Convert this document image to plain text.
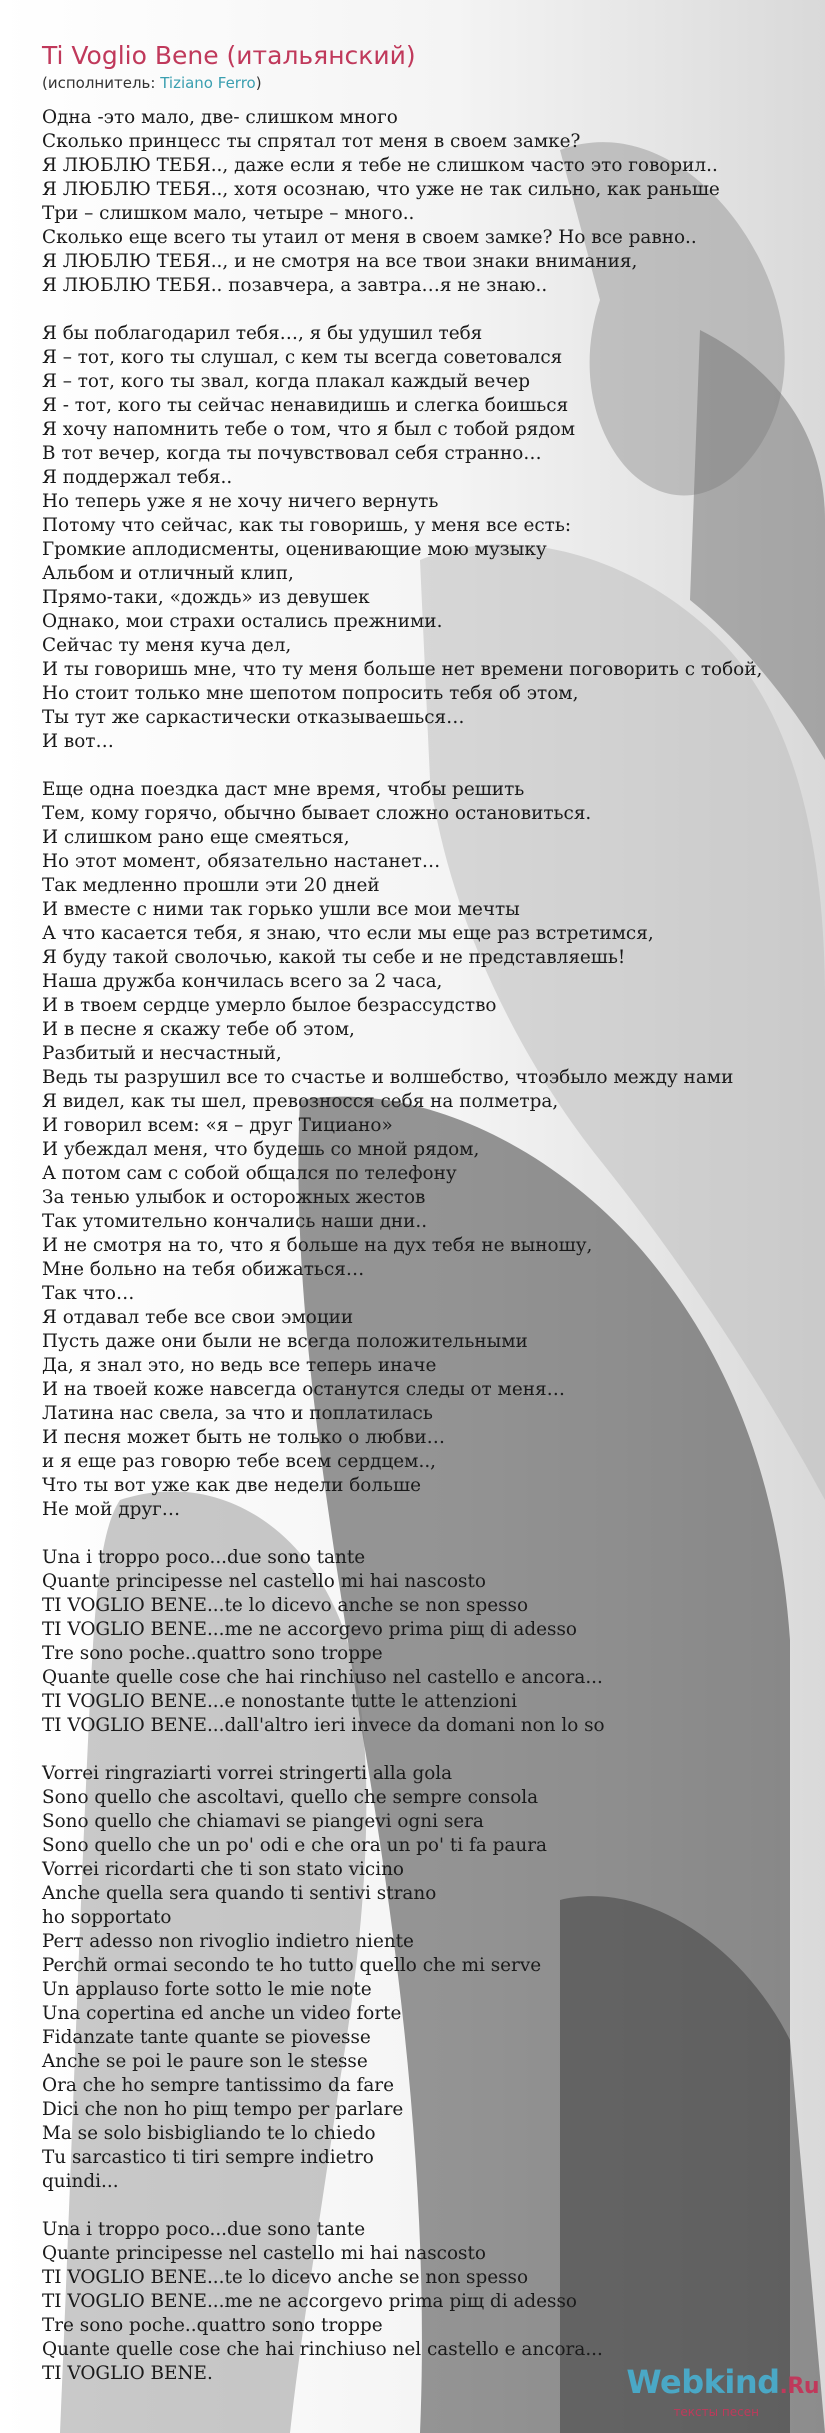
Ti Voglio Bene (итальянский)
(исполнитель: Tiziano Ferro)
Одна -это мало, две- слишком много
Сколько принцесс ты спрятал тот меня в своем замке?
Я ЛЮБЛЮ ТЕБЯ.., даже если я тебе не слишком часто это говорил..
Я ЛЮБЛЮ ТЕБЯ.., хотя осознаю, что уже не так сильно, как раньше
Три – слишком мало, четыре – много..
Сколько еще всего ты утаил от меня в своем замке? Но все равно..
Я ЛЮБЛЮ ТЕБЯ.., и не смотря на все твои знаки внимания,
Я ЛЮБЛЮ ТЕБЯ.. позавчера, а завтра…я не знаю..
Я бы поблагодарил тебя…, я бы удушил тебя
Я – тот, кого ты слушал, с кем ты всегда советовался
Я – тот, кого ты звал, когда плакал каждый вечер
Я - тот, кого ты сейчас ненавидишь и слегка боишься
Я хочу напомнить тебе о том, что я был с тобой рядом
В тот вечер, когда ты почувствовал себя странно…
Я поддержал тебя..
Но теперь уже я не хочу ничего вернуть
Потому что сейчас, как ты говоришь, у меня все есть:
Громкие аплодисменты, оценивающие мою музыку
Альбом и отличный клип,
Прямо-таки, «дождь» из девушек
Однако, мои страхи остались прежними.
Сейчас ту меня куча дел,
И ты говоришь мне, что ту меня больше нет времени поговорить с тобой,
Но стоит только мне шепотом попросить тебя об этом,
Ты тут же саркастически отказываешься…
И вот…
Еще одна поездка даст мне время, чтобы решить
Тем, кому горячо, обычно бывает сложно остановиться.
И слишком рано еще смеяться,
Но этот момент, обязательно настанет…
Так медленно прошли эти 20 дней
И вместе с ними так горько ушли все мои мечты
А что касается тебя, я знаю, что если мы еще раз встретимся,
Я буду такой сволочью, какой ты себе и не представляешь!
Наша дружба кончилась всего за 2 часа,
И в твоем сердце умерло былое безрассудство
И в песне я скажу тебе об этом,
Разбитый и несчастный,
Ведь ты разрушил все то счастье и волшебство, чтоэбыло между нами
Я видел, как ты шел, превозносся себя на полметра,
И говорил всем: «я – друг Тициано»
И убеждал меня, что будешь со мной рядом,
А потом сам с собой общался по телефону
За тенью улыбок и осторожных жестов
Так утомительно кончались наши дни..
И не смотря на то, что я больше на дух тебя не выношу,
Мне больно на тебя обижаться…
Так что…
Я отдавал тебе все свои эмоции
Пусть даже они были не всегда положительными
Да, я знал это, но ведь все теперь иначе
И на твоей коже навсегда останутся следы от меня…
Латина нас свела, за что и поплатилась
И песня может быть не только о любви…
и я еще раз говорю тебе всем сердцем..,
Что ты вот уже как две недели больше
Не мой друг…
Una i troppo poco...due sono tante
Quante principesse nel castello mi hai nascosto
TI VOGLIO BENE...te lo dicevo anche se non spesso
TI VOGLIO BENE...me ne accorgevo prima piщ di adesso
Tre sono poche..quattro sono troppe
Quante quelle cose che hai rinchiuso nel castello e ancora...
TI VOGLIO BENE...e nonostante tutte le attenzioni
TI VOGLIO BENE...dall'altro ieri invece da domani non lo so
Vorrei ringraziarti vorrei stringerti alla gola
Sono quello che ascoltavi, quello che sempre consola
Sono quello che chiamavi se piangevi ogni sera
Sono quello che un po' odi e che ora un po' ti fa paura
Vorrei ricordarti che ti son stato vicino
Anche quella sera quando ti sentivi strano
ho sopportato
Perт adesso non rivoglio indietro niente
Perchй ormai secondo te ho tutto quello che mi serve
Un applauso forte sotto le mie note
Una copertina ed anche un video forte
Fidanzate tante quante se piovesse
Anche se poi le paure son le stesse
Ora che ho sempre tantissimo da fare
Dici che non ho piщ tempo per parlare
Ma se solo bisbigliando te lo chiedo
Tu sarcastico ti tiri sempre indietro
quindi...
Una i troppo poco...due sono tante
Quante principesse nel castello mi hai nascosto
TI VOGLIO BENE...te lo dicevo anche se non spesso
TI VOGLIO BENE...me ne accorgevo prima piщ di adesso
Tre sono poche..quattro sono troppe
Quante quelle cose che hai rinchiuso nel castello e ancora...
TI VOGLIO BENE.	Webkind.Ru
тексты песен
